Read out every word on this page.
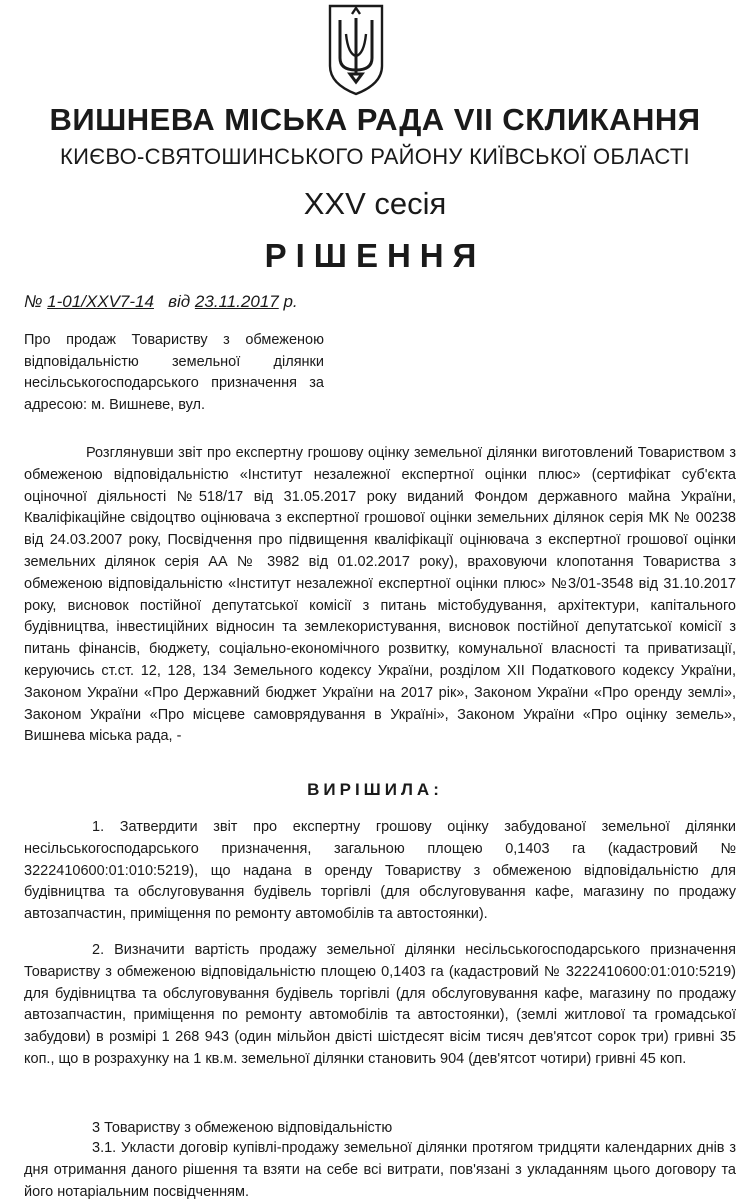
ВИШНЕВА МІСЬКА РАДА VII СКЛИКАННЯ
КИЄВО-СВЯТОШИНСЬКОГО РАЙОНУ КИЇВСЬКОЇ ОБЛАСТІ
XXV сесія
РІШЕННЯ
№ 1-01/XXV7-14 від 23.11.2017 р.
Про продаж Товариству з обмеженою відповідальністю земельної ділянки несільськогосподарського призначення за адресою: м. Вишневе, вул.
Розглянувши звіт про експертну грошову оцінку земельної ділянки виготовлений Товариством з обмеженою відповідальністю «Інститут незалежної експертної оцінки плюс» (сертифікат суб'єкта оціночної діяльності №518/17 від 31.05.2017 року виданий Фондом державного майна України, Кваліфікаційне свідоцтво оцінювача з експертної грошової оцінки земельних ділянок серія МК № 00238 від 24.03.2007 року, Посвідчення про підвищення кваліфікації оцінювача з експертної грошової оцінки земельних ділянок серія АА № 3982 від 01.02.2017 року), враховуючи клопотання Товариства з обмеженою відповідальністю «Інститут незалежної експертної оцінки плюс» №3/01-3548 від 31.10.2017 року, висновок постійної депутатської комісії з питань містобудування, архітектури, капітального будівництва, інвестиційних відносин та землекористування, висновок постійної депутатської комісії з питань фінансів, бюджету, соціально-економічного розвитку, комунальної власності та приватизації, керуючись ст.ст. 12, 128, 134 Земельного кодексу України, розділом XII Податкового кодексу України, Законом України «Про Державний бюджет України на 2017 рік», Законом України «Про оренду землі», Законом України «Про місцеве самоврядування в Україні», Законом України «Про оцінку земель», Вишнева міська рада, -
ВИРІШИЛА:
1. Затвердити звіт про експертну грошову оцінку забудованої земельної ділянки несільськогосподарського призначення, загальною площею 0,1403 га (кадастровий № 3222410600:01:010:5219), що надана в оренду Товариству з обмеженою відповідальністю для будівництва та обслуговування будівель торгівлі (для обслуговування кафе, магазину по продажу автозапчастин, приміщення по ремонту автомобілів та автостоянки).
2. Визначити вартість продажу земельної ділянки несільськогосподарського призначення Товариству з обмеженою відповідальністю площею 0,1403 га (кадастровий № 3222410600:01:010:5219) для будівництва та обслуговування будівель торгівлі (для обслуговування кафе, магазину по продажу автозапчастин, приміщення по ремонту автомобілів та автостоянки), (землі житлової та громадської забудови) в розмірі 1 268 943 (один мільйон двісті шістдесят вісім тисяч дев'ятсот сорок три) гривні 35 коп., що в розрахунку на 1 кв.м. земельної ділянки становить 904 (дев'ятсот чотири) гривні 45 коп.
3 Товариству з обмеженою відповідальністю
3.1. Укласти договір купівлі-продажу земельної ділянки протягом тридцяти календарних днів з дня отримання даного рішення та взяти на себе всі витрати, пов'язані з укладанням цього договору та його нотаріальним посвідченням.
